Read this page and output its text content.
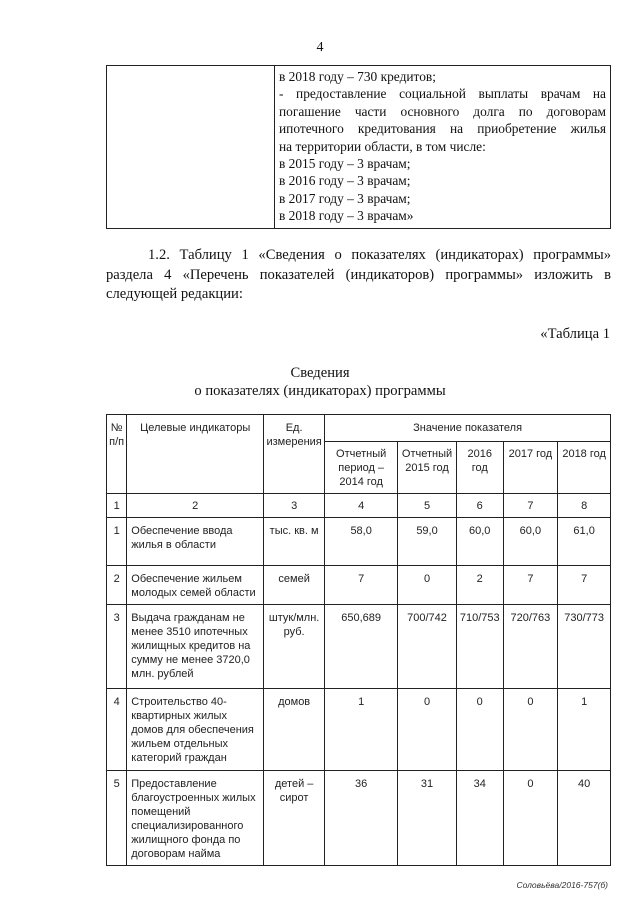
4

в 2018 году – 730 кредитов;
- предоставление социальной выплаты врачам на
погашение части основного долга по договорам
ипотечного кредитования на приобретение жилья
на территории области, в том числе:
в 2015 году – 3 врачам;
в 2016 году – 3 врачам;
в 2017 году – 3 врачам;
в 2018 году – 3 врачам»
1.2. Таблицу 1 «Сведения о показателях (индикаторах) программы»
раздела 4 «Перечень показателей (индикаторов) программы» изложить в
следующей редакции:
«Таблица 1
Сведения
о показателях (индикаторах) программы
№ п/п	Целевые индикаторы	Ед. измерения	Значение показателя				
			Отчетный период – 2014 год	Отчетный 2015 год	2016 год	2017 год	2018 год
1	2	3	4	5	6	7	8
1	Обеспечение ввода жилья в области	тыс. кв. м	58,0	59,0	60,0	60,0	61,0
2	Обеспечение жильем молодых семей области	семей	7	0	2	7	7
3	Выдача гражданам не менее 3510 ипотечных жилищных кредитов на сумму не менее 3720,0 млн. рублей	штук/млн. руб.	650,689	700/742	710/753	720/763	730/773
4	Строительство 40-квартирных жилых домов для обеспечения жильем отдельных категорий граждан	домов	1	0	0	0	1
5	Предоставление благоустроенных жилых помещений специализированного жилищного фонда по договорам найма	детей – сирот	36	31	34	0	40
Соловьёва/2016-757(б)
